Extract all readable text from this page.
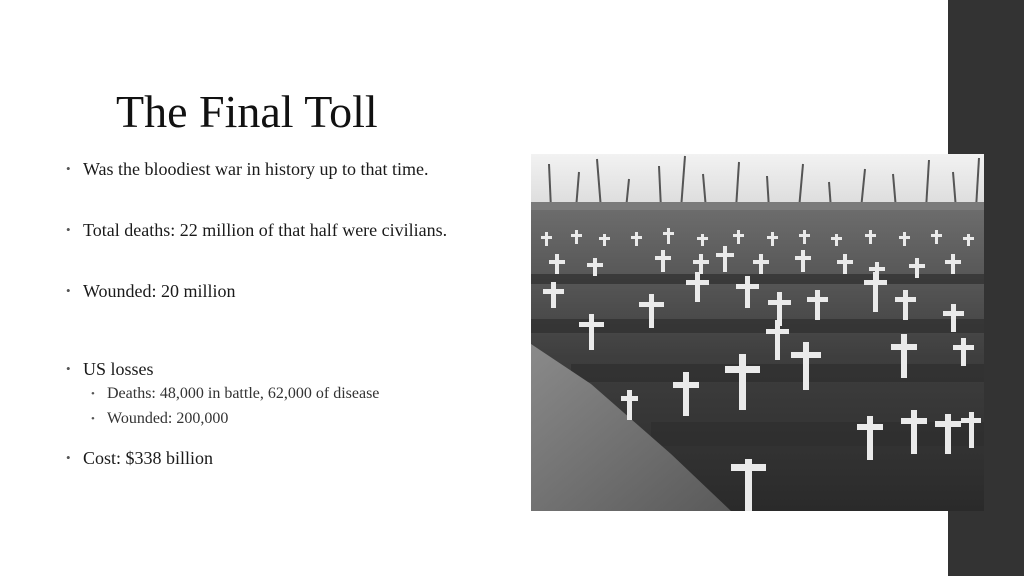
The Final Toll
• Was the bloodiest war in history up to that time.
• Total deaths: 22 million of that half were civilians.
• Wounded: 20 million
• US losses
• Deaths: 48,000 in battle, 62,000 of disease
• Wounded: 200,000
• Cost: $338 billion
